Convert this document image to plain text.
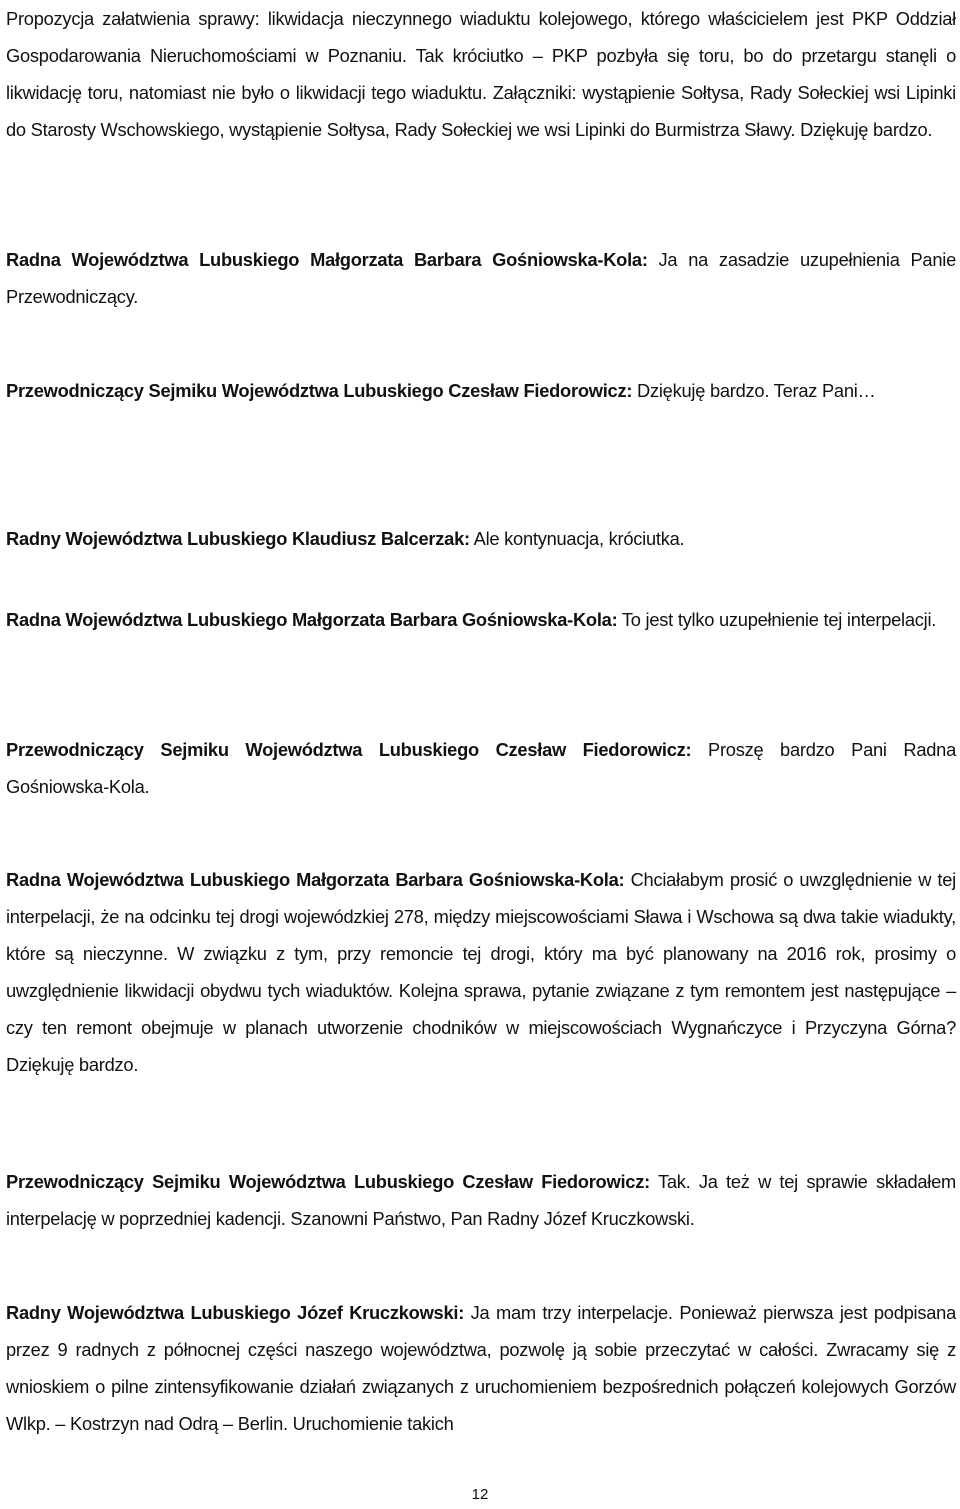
Propozycja załatwienia sprawy: likwidacja nieczynnego wiaduktu kolejowego, którego właścicielem jest PKP Oddział Gospodarowania Nieruchomościami w Poznaniu. Tak króciutko – PKP pozbyła się toru, bo do przetargu stanęli o likwidację toru, natomiast nie było o likwidacji tego wiaduktu. Załączniki: wystąpienie Sołtysa, Rady Sołeckiej wsi Lipinki do Starosty Wschowskiego, wystąpienie Sołtysa, Rady Sołeckiej we wsi Lipinki do Burmistrza Sławy. Dziękuję bardzo.

Radna Województwa Lubuskiego Małgorzata Barbara Gośniowska-Kola: Ja na zasadzie uzupełnienia Panie Przewodniczący.

Przewodniczący Sejmiku Województwa Lubuskiego Czesław Fiedorowicz: Dziękuję bardzo. Teraz Pani…

Radny Województwa Lubuskiego Klaudiusz Balcerzak: Ale kontynuacja, króciutka.

Radna Województwa Lubuskiego Małgorzata Barbara Gośniowska-Kola: To jest tylko uzupełnienie tej interpelacji.

Przewodniczący Sejmiku Województwa Lubuskiego Czesław Fiedorowicz: Proszę bardzo Pani Radna Gośniowska-Kola.

Radna Województwa Lubuskiego Małgorzata Barbara Gośniowska-Kola: Chciałabym prosić o uwzględnienie w tej interpelacji, że na odcinku tej drogi wojewódzkiej 278, między miejscowościami Sława i Wschowa są dwa takie wiadukty, które są nieczynne. W związku z tym, przy remoncie tej drogi, który ma być planowany na 2016 rok, prosimy o uwzględnienie likwidacji obydwu tych wiaduktów. Kolejna sprawa, pytanie związane z tym remontem jest następujące – czy ten remont obejmuje w planach utworzenie chodników w miejscowościach Wygnańczyce i Przyczyna Górna? Dziękuję bardzo.

Przewodniczący Sejmiku Województwa Lubuskiego Czesław Fiedorowicz: Tak. Ja też w tej sprawie składałem interpelację w poprzedniej kadencji. Szanowni Państwo, Pan Radny Józef Kruczkowski.

Radny Województwa Lubuskiego Józef Kruczkowski: Ja mam trzy interpelacje. Ponieważ pierwsza jest podpisana przez 9 radnych z północnej części naszego województwa, pozwolę ją sobie przeczytać w całości. Zwracamy się z wnioskiem o pilne zintensyfikowanie działań związanych z uruchomieniem bezpośrednich połączeń kolejowych Gorzów Wlkp. – Kostrzyn nad Odrą – Berlin. Uruchomienie takich

12
